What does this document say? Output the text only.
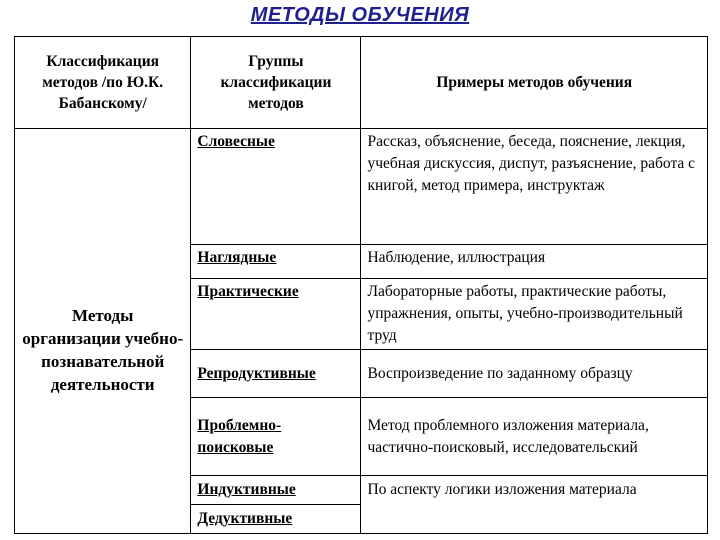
МЕТОДЫ ОБУЧЕНИЯ
Классификация методов /по Ю.К. Бабанскому/	Группы классификации методов	Примеры методов обучения
Методы организации учебно-познавательной деятельности	Словесные	Рассказ, объяснение, беседа, пояснение, лекция, учебная дискуссия, диспут, разъяснение, работа с книгой, метод примера, инструктаж
	Наглядные	Наблюдение, иллюстрация
	Практические	Лабораторные работы, практические работы, упражнения, опыты, учебно-производительный труд
	Репродуктивные	Воспроизведение по заданному образцу
	Проблемно-поисковые	Метод проблемного изложения материала, частично-поисковый, исследовательский
	Индуктивные	По аспекту логики изложения материала
	Дедуктивные	
